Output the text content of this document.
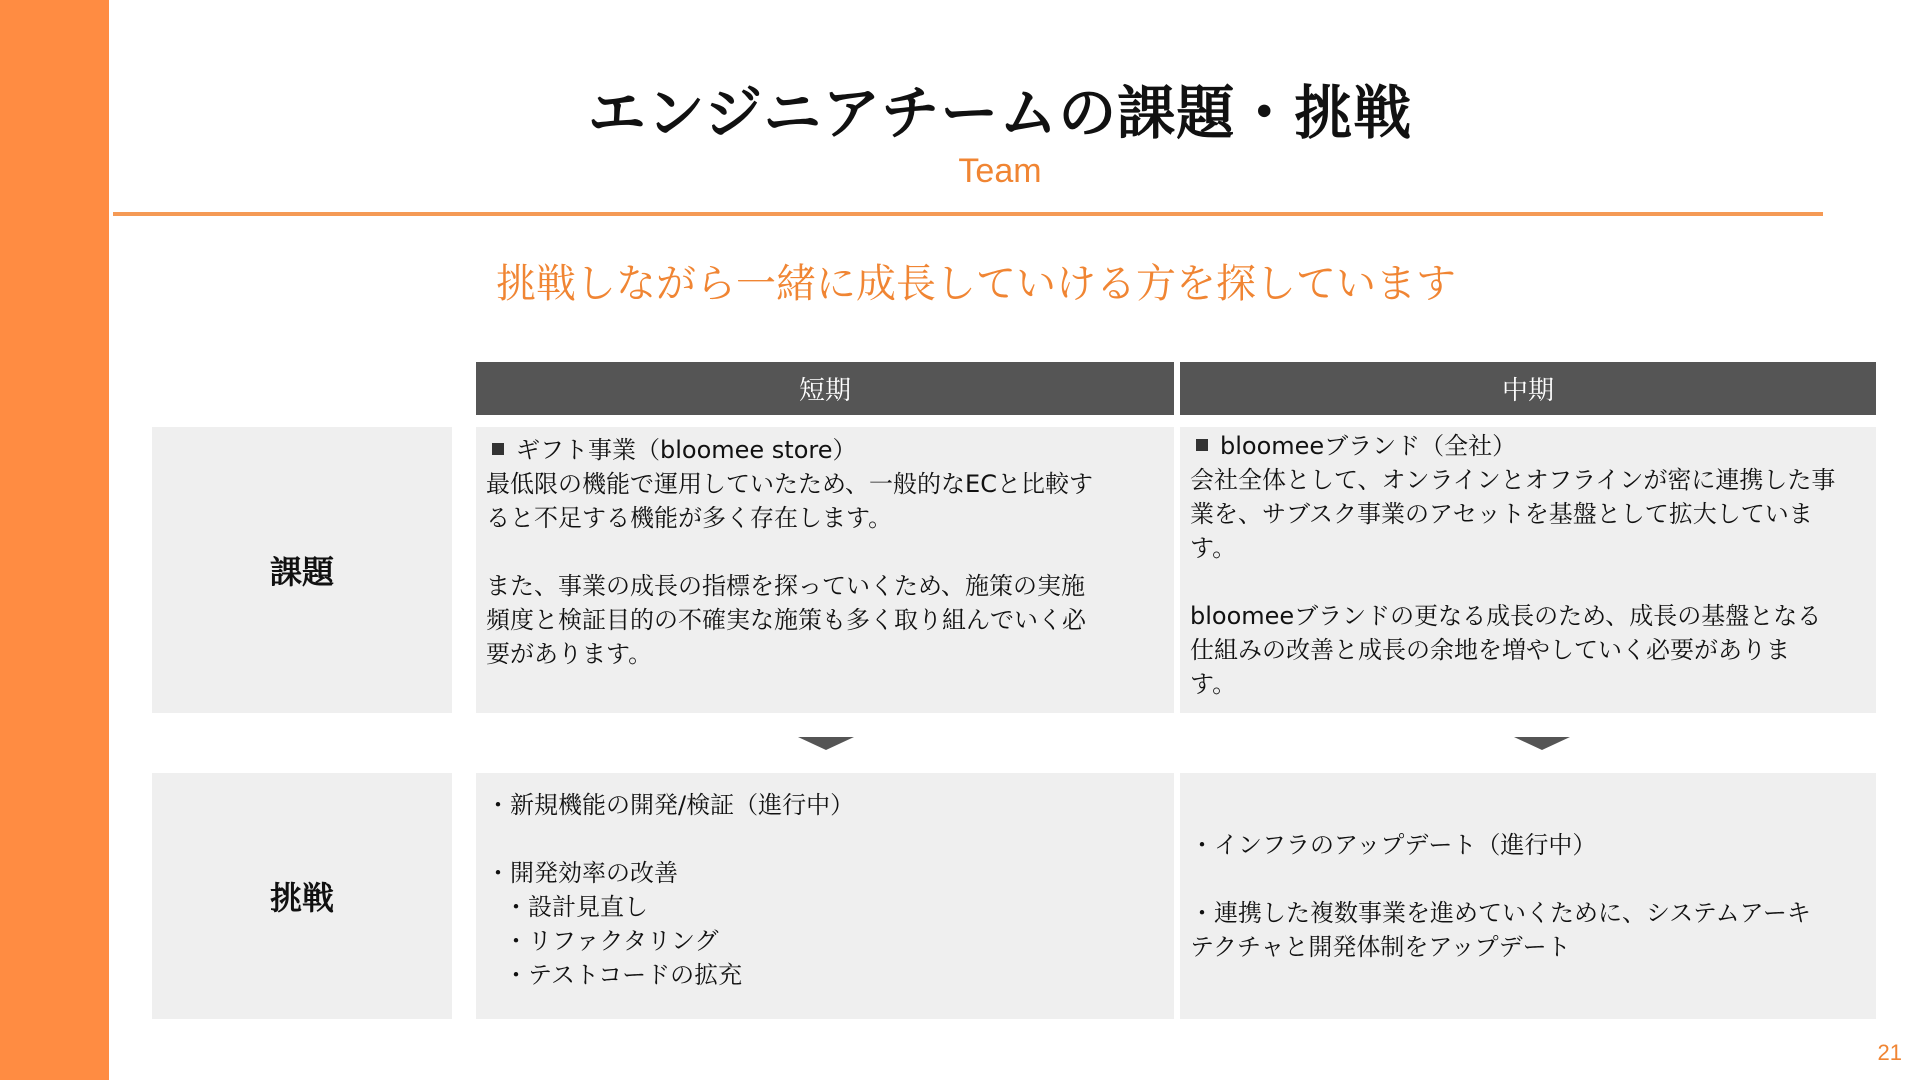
エンジニアチームの課題・挑戦
Team
挑戦しながら一緒に成長していける方を探しています
短期	中期
課題
挑戦

ギフト事業（bloomee store）

最低限の機能で運用していたため、一般的なECと比較す

ると不足する機能が多く存在します。

また、事業の成長の指標を探っていくため、施策の実施

頻度と検証目的の不確実な施策も多く取り組んでいく必

要があります。

bloomeeブランド（全社）

会社全体として、オンラインとオフラインが密に連携した事

業を、サブスク事業のアセットを基盤として拡大していま

す。

bloomeeブランドの更なる成長のため、成長の基盤となる

仕組みの改善と成長の余地を増やしていく必要がありま

す。

・新規機能の開発/検証（進行中）

・開発効率の改善

・設計見直し

・リファクタリング

・テストコードの拡充

・インフラのアップデート（進行中）

・連携した複数事業を進めていくために、システムアーキ

テクチャと開発体制をアップデート

21
